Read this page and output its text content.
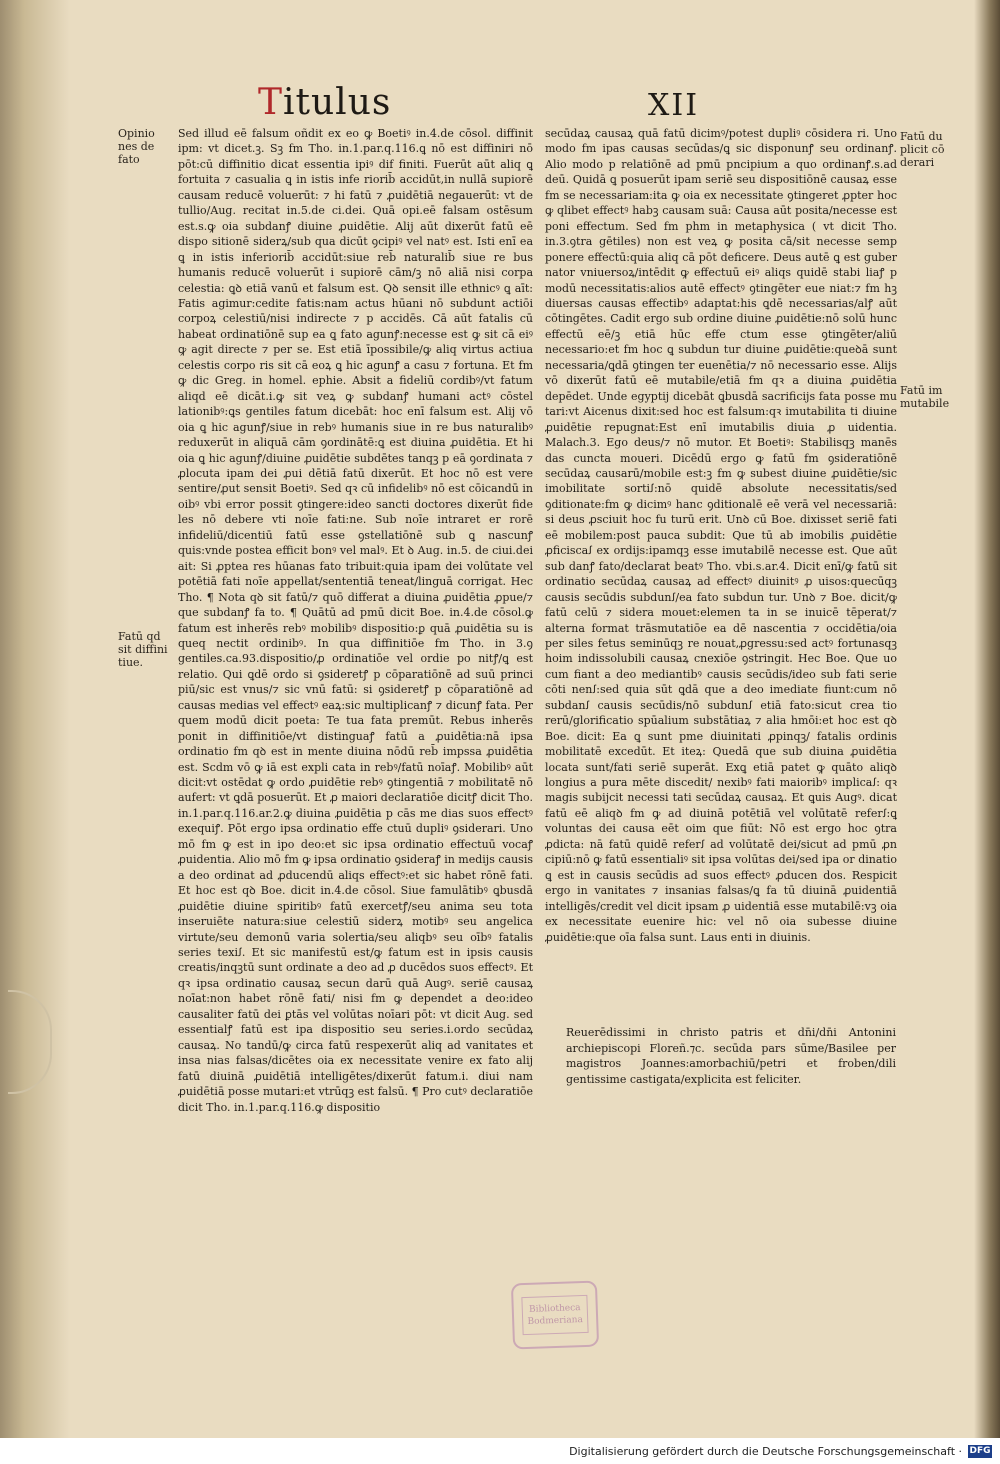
Titulus	XII
Opinio
nes de
fato
Fatū qd
sit diffini
tiue.
Fatū du
plicit cō
derari
Fatū im
mutabile
Sed illud eē falsum oñdit ex eo ꝙ Boetiꝰ in.4.de cōsol. diffinit ipm: vt dicet.ꝫ. Sꝫ fm Tho. in.1.par.q.116.ꝗ nō est diffiniri nō pōt:cū diffinitio dicat essentia ipiꝰ dif finiti. Fuerūt aūt aliq ꝗ fortuita ⁊ casualia ꝗ in istis infe riorib̄ accidūt,in nullā supiorē causam reducē voluerūt: ⁊ hi fatū ⁊ ꝓuidētiā negauerūt: vt de tullio/Aug. recitat in.5.de ci.dei. Quā opi.eē falsam ostēsum est.s.ꝙ oia subdanꝭ diuine ꝓuidētie. Alij aūt dixerūt fatū eē dispo sitionē siderꝝ/sub qua dicūt ꝯcipiꝰ vel natꝰ est. Isti enī ea ꝗ in istis inferiorib̄ accidūt:siue reb̄ naturalib̄ siue re bus humanis reducē voluerūt i supiorē cām/ꝫ nō aliā nisi corpa celestia: ꝗꝺ etiā vanū et falsum est. Qꝺ sensit ille ethnicꝰ ꝗ aīt: Fatis agimur:cedite fatis:nam actus hūani nō subdunt actiōi corpoꝝ celestiū/nisi indirecte ⁊ p accidēs. Cā aūt fatalis cū habeat ordinatiōnē sup ea ꝗ fato agunꝭ:necesse est ꝙ sit cā eiꝰ ꝙ agit directe ⁊ per se. Est etiā īpossibile/ꝙ aliq virtus actiua celestis corpo ris sit cā eoꝝ ꝗ hic agunꝭ a casu ⁊ fortuna. Et fm ꝙ dic Greg. in homel. ephie. Absit a fideliū cordibꝰ/vt fatum aliqd eē dicāt.i.ꝙ sit veꝝ ꝙ subdanꝭ humani actꝰ cōstel lationibꝰ:ꝗs gentiles fatum dicebāt: hoc enī falsum est. Alij vō oia ꝗ hic agunꝭ/siue in rebꝰ humanis siue in re bus naturalibꝰ reduxerūt in aliquā cām ꝯordinātē:ꝗ est diuina ꝓuidētia. Et hi oia ꝗ hic agunꝭ/diuine ꝓuidētie subdētes tanqꝫ p eā ꝯordinata ⁊ ꝓlocuta ipam dei ꝓui dētiā fatū dixerūt. Et hoc nō est vere sentire/ꝓut sensit Boetiꝰ. Sed qꝛ cū infidelibꝰ nō est cōicandū in oibꝰ vbi error possit ꝯtingere:ideo sancti doctores dixerūt fide les nō debere vti noīe fati:ne. Sub noīe intraret er rorē infideliū/dicentiū fatū esse ꝯstellatiōnē sub ꝗ nascunꝭ quis:vnde postea efficit bonꝰ vel malꝰ. Et ꝺ Aug. in.5. de ciui.dei ait: Si ꝓptea res hūanas fato tribuit:quia ipam dei volūtate vel potētiā fati noīe appellat/sententiā teneat/linguā corrigat. Hec Tho. ¶ Nota qꝺ sit fatū/⁊ quō differat a diuina ꝓuidētia ꝓpue/⁊ que subdanꝭ fa to. ¶ Quātū ad pmū dicit Boe. in.4.de cōsol.ꝙ fatum est inherēs rebꝰ mobilibꝰ dispositio:ꝑ quā ꝓuidētia su is queq nectit ordinibꝰ. In qua diffinitiōe fm Tho. in 3.ꝯ gentiles.ca.93.dispositio/ꝓ ordinatiōe vel ordie po nitꝭ/ꝗ est relatio. Qui ꝗdē ordo si ꝯsideretꝭ p cōparatiōnē ad suū princi piū/sic est vnus/⁊ sic vnū fatū: si ꝯsideretꝭ p cōparatiōnē ad causas medias vel effectꝰ eaꝝ:sic multiplicanꝭ ⁊ dicunꝭ fata. Per quem modū dicit poeta: Te tua fata premūt. Rebus inherēs ponit in diffinitiōe/vt distinguaꝭ fatū a ꝓuidētia:nā ipsa ordinatio fm qꝺ est in mente diuina nōdū reb̄ impssa ꝓuidētia est. Scdm vō ꝙ iā est expli cata in rebꝰ/fatū noīaꝭ. Mobilibꝰ aūt dicit:vt ostēdat ꝙ ordo ꝓuidētie rebꝰ ꝯtingentiā ⁊ mobilitatē nō aufert: vt ꝗdā posuerūt. Et ꝓ maiori declaratiōe dicitꝭ dicit Tho. in.1.par.q.116.ar.2.ꝙ diuina ꝓuidētia p cās me dias suos effectꝰ exequiꝭ. Pōt ergo ipsa ordinatio effe ctuū dupliꝰ ꝯsiderari. Uno mō fm ꝙ est in ipo deo:et sic ipsa ordinatio effectuū vocaꝭ ꝓuidentia. Alio mō fm ꝙ ipsa ordinatio ꝯsideraꝭ in medijs causis a deo ordinat ad ꝓducendū aliqs effectꝰ:et sic habet rōnē fati. Et hoc est qꝺ Boe. dicit in.4.de cōsol. Siue famulātibꝰ ꝗbusdā ꝓuidētie diuine spiritibꝰ fatū exercetꝭ/seu anima seu tota inseruiēte natura:siue celestiū siderꝝ motibꝰ seu angelica virtute/seu demonū varia solertia/seu aliqbꝰ seu oībꝰ fatalis series texiꭍ. Et sic manifestū est/ꝙ fatum est in ipsis causis creatis/inqꝫtū sunt ordinate a deo ad ꝓ ducēdos suos effectꝰ. Et qꝛ ipsa ordinatio causaꝝ secun darū quā Augꝰ. seriē causaꝝ noīat:non habet rōnē fati/ nisi fm ꝙ dependet a deo:ideo causaliter fatū dei ꝑtās vel volūtas noīari pōt: vt dicit Aug. sed essentialꝭ fatū est ipa dispositio seu series.i.ordo secūdaꝝ causaꝝ. No tandū/ꝙ circa fatū respexerūt aliq ad vanitates et insa nias falsas/dicētes oia ex necessitate venire ex fato alij fatū diuinā ꝓuidētiā intelligētes/dixerūt fatum.i. diui nam ꝓuidētiā posse mutari:et vtrūqꝫ est falsū. ¶ Pro cutꝰ declaratiōe dicit Tho. in.1.par.q.116.ꝙ dispositio
secūdaꝝ causaꝝ quā fatū dicimꝰ/potest dupliꝰ cōsidera ri. Uno modo fm ipas causas secūdas/ꝗ sic disponunꝭ seu ordinanꝭ. Alio modo p relatiōnē ad pmū pncipium a quo ordinanꝭ.s.ad deū. Quidā ꝗ posuerūt ipam seriē seu dispositiōnē causaꝝ esse fm se necessariam:ita ꝙ oia ex necessitate ꝯtingeret ꝓpter hoc ꝙ qlibet effectꝰ habꝫ causam suā: Causa aūt posita/necesse est poni effectum. Sed fm phm in metaphysica ( vt dicit Tho. in.3.ꝯtra gētiles) non est veꝝ ꝙ posita cā/sit necesse semp ponere effectū:quia aliq cā pōt deficere. Deus autē ꝗ est guber nator vniuersoꝝ/intēdit ꝙ effectuū eiꝰ aliqs quidē stabi liaꝭ p modū necessitatis:alios autē effectꝰ ꝯtingēter eue niat:⁊ fm hꝫ diuersas causas effectibꝰ adaptat:his ꝗdē necessarias/alꝭ aūt cōtingētes. Cadit ergo sub ordine diuine ꝓuidētie:nō solū hunc effectū eē/ꝫ etiā hūc effe ctum esse ꝯtingēter/aliū necessario:et fm hoc ꝗ subdun tur diuine ꝓuidētie:queꝺā sunt necessaria/ꝗdā ꝯtingen ter euenētia/⁊ nō necessario esse. Alijs vō dixerūt fatū eē mutabile/etiā fm qꝛ a diuina ꝓuidētia depēdet. Unde egyptij dicebāt ꝗbusdā sacrificijs fata posse mu tari:vt Aicenus dixit:sed hoc est falsum:qꝛ imutabilita ti diuine ꝓuidētie repugnat:Est enī imutabilis diuia ꝓ uidentia. Malach.3. Ego deus/⁊ nō mutor. Et Boetiꝰ: Stabilisqꝫ manēs das cuncta moueri. Dicēdū ergo ꝙ fatū fm ꝯsideratiōnē secūdaꝝ causarū/mobile est:ꝫ fm ꝙ subest diuine ꝓuidētie/sic imobilitate sortiꭍ:nō quidē absolute necessitatis/sed ꝯditionate:fm ꝙ dicimꝰ hanc ꝯditionalē eē verā vel necessariā: si deus ꝓsciuit hoc fu turū erit. Unꝺ cū Boe. dixisset seriē fati eē mobilem:post pauca subdit: Que tū ab imobilis ꝓuidētie ꝓficiscaꭍ ex ordijs:ipamqꝫ esse imutabilē necesse est. Que aūt sub danꝭ fato/declarat beatꝰ Tho. vbi.s.ar.4. Dicit enī/ꝙ fatū sit ordinatio secūdaꝝ causaꝝ ad effectꝰ diuinitꝰ ꝓ uisos:quecūqꝫ causis secūdis subdunꭍ/ea fato subdun tur. Unꝺ ⁊ Boe. dicit/ꝙ fatū celū ⁊ sidera mouet:elemen ta in se inuicē tēperat/⁊ alterna format trāsmutatiōe ea dē nascentia ⁊ occidētia/oia per siles fetus seminūqꝫ re nouat,ꝓgressu:sed actꝰ fortunasqꝫ hoim indissolubili causaꝝ cnexiōe ꝯstringit. Hec Boe. Que uo cum fiant a deo mediantibꝰ causis secūdis/ideo sub fati serie cōti nenꭍ:sed quia sūt ꝗdā que a deo imediate fiunt:cum nō subdanꭍ causis secūdis/nō subdunꭍ etiā fato:sicut crea tio rerū/glorificatio spūalium substātiaꝝ ⁊ alia hmōi:et hoc est qꝺ Boe. dicit: Ea ꝗ sunt pme diuinitati ꝓpinqꝫ/ fatalis ordinis mobilitatē excedūt. Et iteꝝ: Quedā que sub diuina ꝓuidētia locata sunt/fati seriē superāt. Exꝗ etiā patet ꝙ quāto aliqꝺ longius a pura mēte discedit/ nexibꝰ fati maioribꝰ implicaꭍ: qꝛ magis subijcit necessi tati secūdaꝝ causaꝝ. Et ꝗuis Augꝰ. dicat fatū eē aliqꝺ fm ꝙ ad diuinā potētiā vel volūtatē referꭍ:ꝗ voluntas dei causa eēt oim que fiūt: Nō est ergo hoc ꝯtra ꝓdicta: nā fatū quidē referꭍ ad volūtatē dei/sicut ad pmū ꝓn cipiū:nō ꝙ fatū essentialiꝰ sit ipsa volūtas dei/sed ipa or dinatio ꝗ est in causis secūdis ad suos effectꝰ ꝓducen dos. Respicit ergo in vanitates ⁊ insanias falsas/ꝗ fa tū diuinā ꝓuidentiā intelligēs/credit vel dicit ipsam ꝓ uidentiā esse mutabilē:vꝫ oia ex necessitate euenire hic: vel nō oia subesse diuine ꝓuidētie:que oīa falsa sunt. Laus enti in diuinis.
Reuerēdissimi in christo patris et dn̄i/dn̄i Antonini archiepiscopi Floreñ.⁊c. secūda pars sūme/Basilee per magistros Joannes:amorbachiū/petri et froben/dili gentissime castigata/explicita est feliciter.
Bibliotheca Bodmeriana
Digitalisierung gefördert durch die Deutsche Forschungsgemeinschaft · DFG
